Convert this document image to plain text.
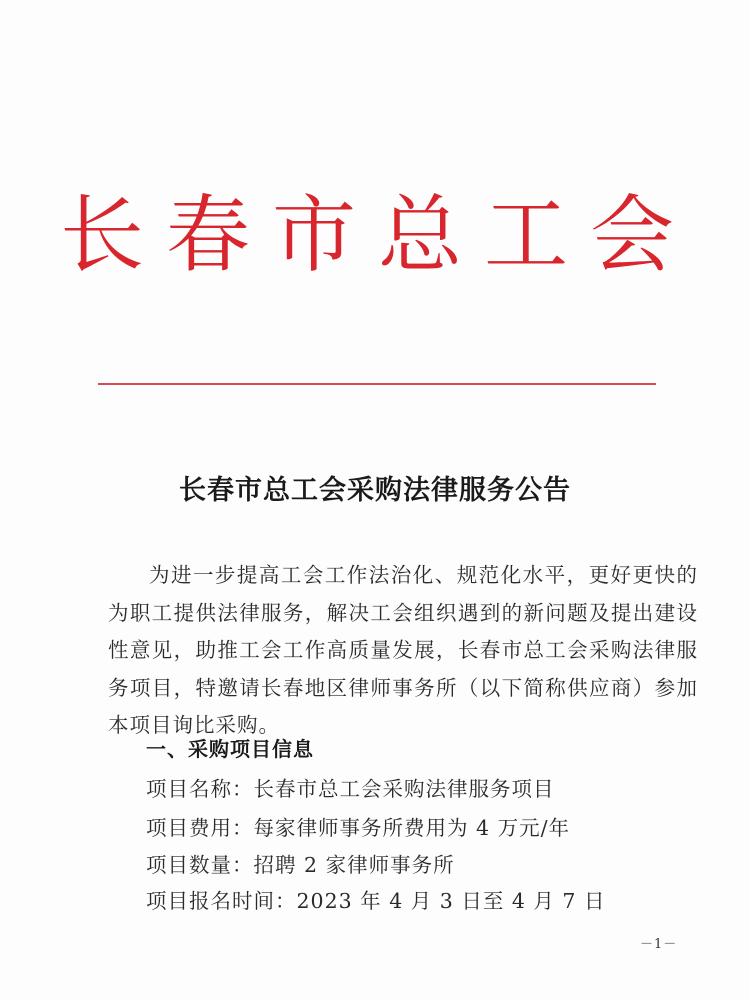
长春市总工会
长春市总工会采购法律服务公告
为进一步提高工会工作法治化、规范化水平，更好更快的为职工提供法律服务，解决工会组织遇到的新问题及提出建设性意见，助推工会工作高质量发展，长春市总工会采购法律服务项目，特邀请长春地区律师事务所（以下简称供应商）参加本项目询比采购。
一、采购项目信息
项目名称：长春市总工会采购法律服务项目
项目费用：每家律师事务所费用为 4 万元/年
项目数量：招聘 2 家律师事务所
项目报名时间：2023 年 4 月 3 日至 4 月 7 日
－1－
